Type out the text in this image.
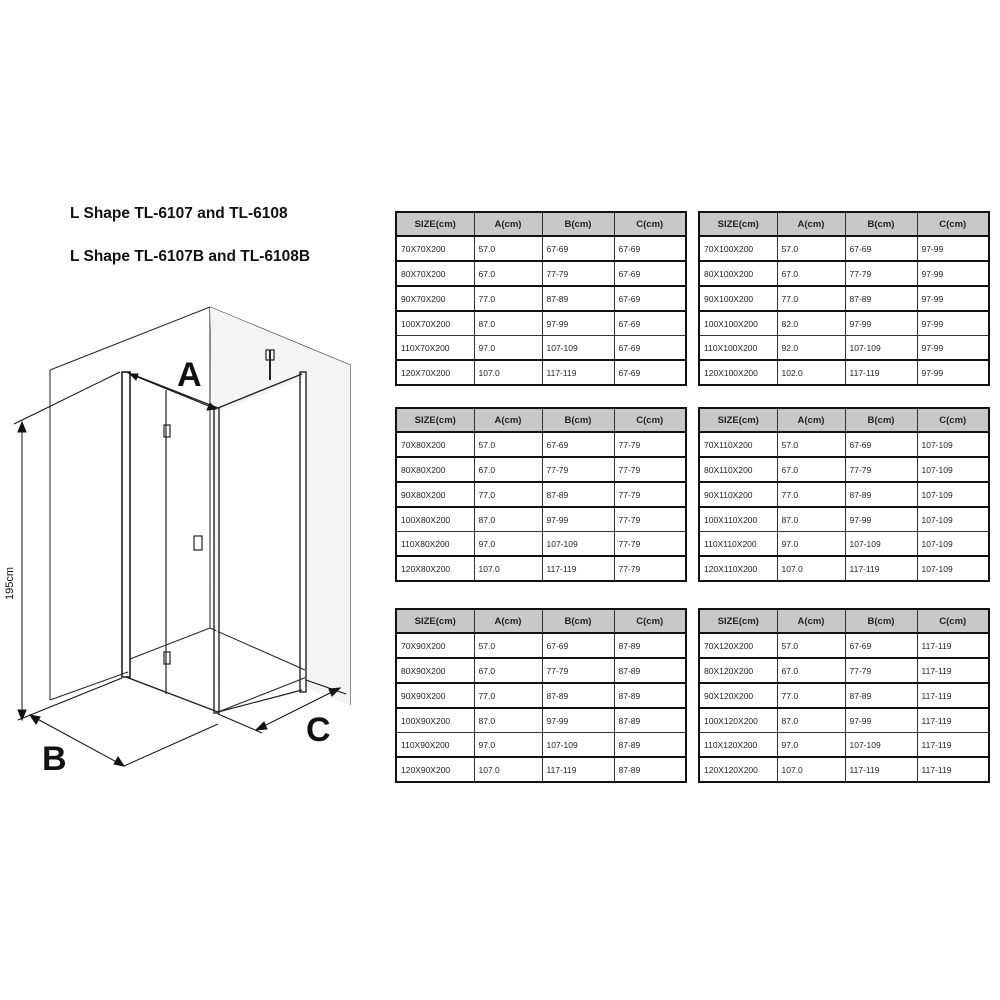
L Shape TL-6107 and TL-6108
L Shape TL-6107B and TL-6108B
A
B
C
195cm
SIZE(cm)	A(cm)	B(cm)	C(cm)
70X70X200	57.0	67-69	67-69
80X70X200	67.0	77-79	67-69
90X70X200	77.0	87-89	67-69
100X70X200	87.0	97-99	67-69
110X70X200	97.0	107-109	67-69
120X70X200	107.0	117-119	67-69
SIZE(cm)	A(cm)	B(cm)	C(cm)
70X100X200	57.0	67-69	97-99
80X100X200	67.0	77-79	97-99
90X100X200	77.0	87-89	97-99
100X100X200	82.0	97-99	97-99
110X100X200	92.0	107-109	97-99
120X100X200	102.0	117-119	97-99
SIZE(cm)	A(cm)	B(cm)	C(cm)
70X80X200	57.0	67-69	77-79
80X80X200	67.0	77-79	77-79
90X80X200	77.0	87-89	77-79
100X80X200	87.0	97-99	77-79
110X80X200	97.0	107-109	77-79
120X80X200	107.0	117-119	77-79
SIZE(cm)	A(cm)	B(cm)	C(cm)
70X110X200	57.0	67-69	107-109
80X110X200	67.0	77-79	107-109
90X110X200	77.0	87-89	107-109
100X110X200	87.0	97-99	107-109
110X110X200	97.0	107-109	107-109
120X110X200	107.0	117-119	107-109
SIZE(cm)	A(cm)	B(cm)	C(cm)
70X90X200	57.0	67-69	87-89
80X90X200	67.0	77-79	87-89
90X90X200	77.0	87-89	87-89
100X90X200	87.0	97-99	87-89
110X90X200	97.0	107-109	87-89
120X90X200	107.0	117-119	87-89
SIZE(cm)	A(cm)	B(cm)	C(cm)
70X120X200	57.0	67-69	117-119
80X120X200	67.0	77-79	117-119
90X120X200	77.0	87-89	117-119
100X120X200	87.0	97-99	117-119
110X120X200	97.0	107-109	117-119
120X120X200	107.0	117-119	117-119
